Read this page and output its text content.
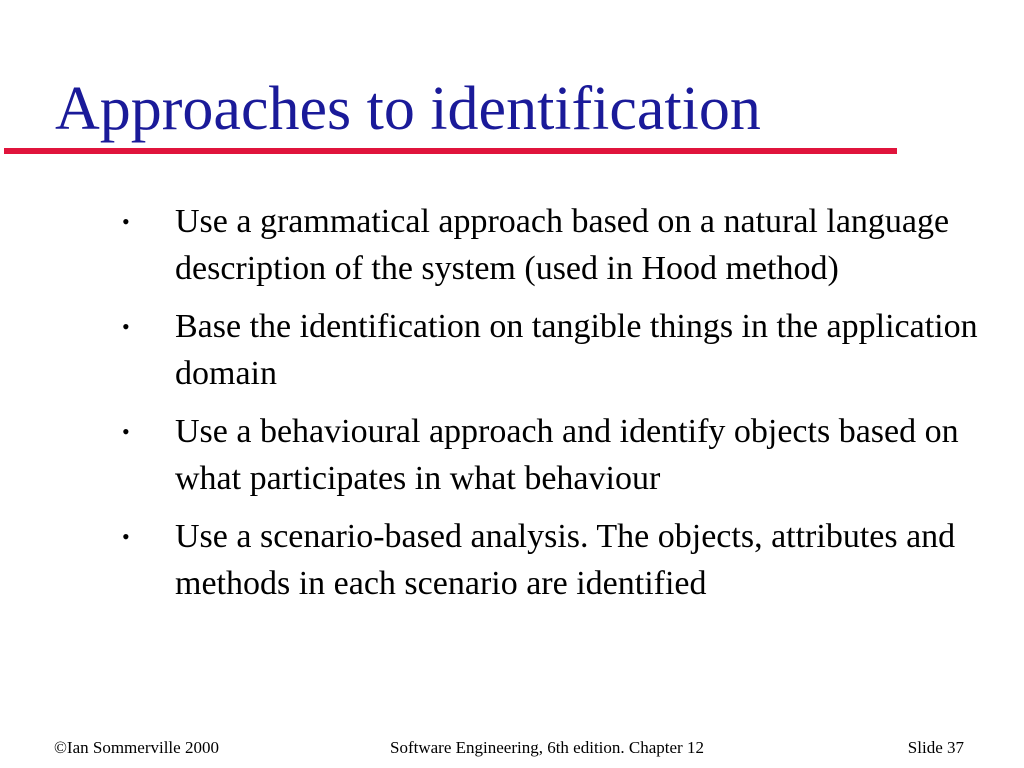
Approaches to identification
• Use a grammatical approach based on a natural language description of the system (used in Hood method)
• Base the identification on tangible things in the application domain
• Use a behavioural approach and identify objects based on what participates in what behaviour
• Use a scenario-based analysis. The objects, attributes and methods in each scenario are identified
©Ian Sommerville 2000	Software Engineering, 6th edition. Chapter 12	Slide 37
